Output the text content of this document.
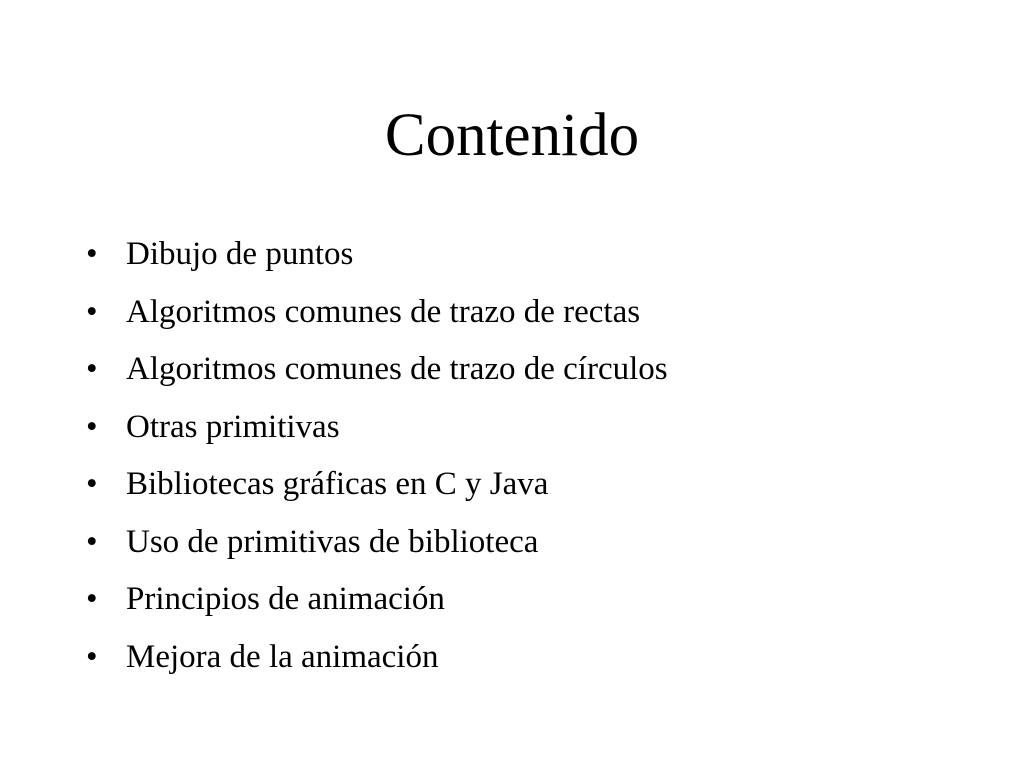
Contenido
• Dibujo de puntos
• Algoritmos comunes de trazo de rectas
• Algoritmos comunes de trazo de círculos
• Otras primitivas
• Bibliotecas gráficas en C y Java
• Uso de primitivas de biblioteca
• Principios de animación
• Mejora de la animación
